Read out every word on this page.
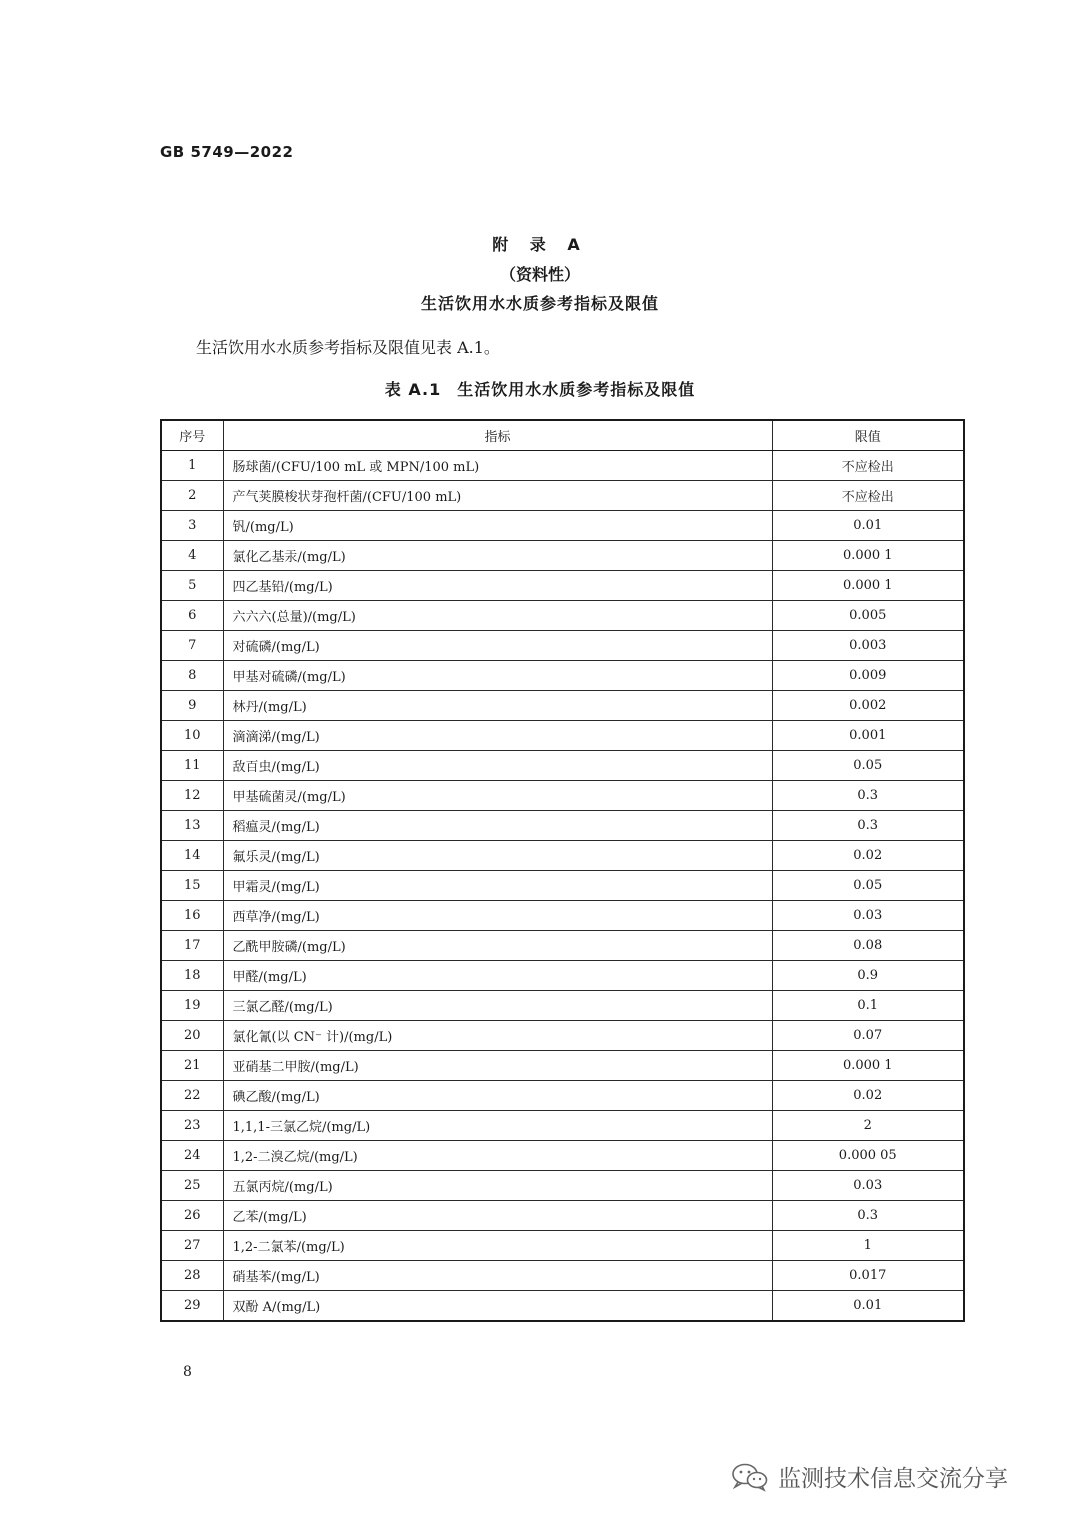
GB 5749—2022
附 录 A
（资料性）
生活饮用水水质参考指标及限值
生活饮用水水质参考指标及限值见表 A.1。
表 A.1 生活饮用水水质参考指标及限值
序号	指标	限值
1	肠球菌/(CFU/100 mL 或 MPN/100 mL)	不应检出
2	产气荚膜梭状芽孢杆菌/(CFU/100 mL)	不应检出
3	钒/(mg/L)	0.01
4	氯化乙基汞/(mg/L)	0.000 1
5	四乙基铅/(mg/L)	0.000 1
6	六六六(总量)/(mg/L)	0.005
7	对硫磷/(mg/L)	0.003
8	甲基对硫磷/(mg/L)	0.009
9	林丹/(mg/L)	0.002
10	滴滴涕/(mg/L)	0.001
11	敌百虫/(mg/L)	0.05
12	甲基硫菌灵/(mg/L)	0.3
13	稻瘟灵/(mg/L)	0.3
14	氟乐灵/(mg/L)	0.02
15	甲霜灵/(mg/L)	0.05
16	西草净/(mg/L)	0.03
17	乙酰甲胺磷/(mg/L)	0.08
18	甲醛/(mg/L)	0.9
19	三氯乙醛/(mg/L)	0.1
20	氯化氰(以 CN⁻ 计)/(mg/L)	0.07
21	亚硝基二甲胺/(mg/L)	0.000 1
22	碘乙酸/(mg/L)	0.02
23	1,1,1-三氯乙烷/(mg/L)	2
24	1,2-二溴乙烷/(mg/L)	0.000 05
25	五氯丙烷/(mg/L)	0.03
26	乙苯/(mg/L)	0.3
27	1,2-二氯苯/(mg/L)	1
28	硝基苯/(mg/L)	0.017
29	双酚 A/(mg/L)	0.01
8
监测技术信息交流分享
